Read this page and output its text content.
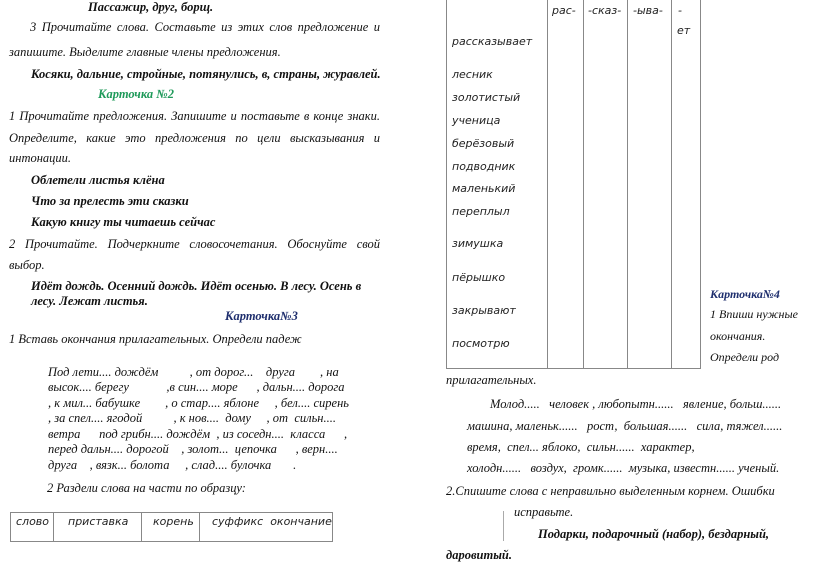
Пассажир, друг, борщ.
3 Прочитайте слова. Составьте из этих слов предложение и
запишите. Выделите главные члены предложения.
Косяки, дальние, стройные, потянулись, в, страны, журавлей.
Карточка №2
1 Прочитайте предложения. Запишите и поставьте в конце знаки.
Определите, какие это предложения по цели высказывания и
интонации.
Облетели листья клёна
Что за прелесть эти сказки
Какую книгу ты читаешь сейчас
2 Прочитайте. Подчеркните словосочетания. Обоснуйте свой
выбор.
Идёт дождь. Осенний дождь. Идёт осенью. В лесу. Осень в
лесу. Лежат листья.
Карточка№3
1 Вставь окончания прилагательных. Определи падеж

Под лети.... дождём          , от дорог...    друга        , на
высок.... берегу            ,в син.... море      , дальн.... дорога
, к мил... бабушке        , о стар.... яблоне     , бел.... сирень
, за спел.... ягодой          , к нов....  дому     , от  сильн....
ветра      под грибн.... дождём  , из соседн....  класса      ,
перед дальн.... дорогой    , золот...  цепочка      , верн....
друга    , вязк... болота     , слад.... булочка       .

2 Раздели слова на части по образцу:
слово приставка корень суффикс  окончание
рас- -сказ- -ыва- -
ет
рассказывает
лесник
золотистый
ученица
берёзовый
подводник
маленький
переплыл
зимушка
пёрышко
закрывают
посмотрю
Карточка№4
1 Впиши нужные
окончания.
Определи род
прилагательных.
Молод.....   человек , любопытн......   явление, больш......
машина, маленьк......   рост,  большая......   сила, тяжел......
время,  спел... яблоко,  сильн......  характер,
холодн......   воздух,  громк......  музыка, известн...... ученый.
2.Спишите слова с неправильно выделенным корнем. Ошибки
исправьте.
Подарки, подарочный (набор), бездарный,
даровитый.
